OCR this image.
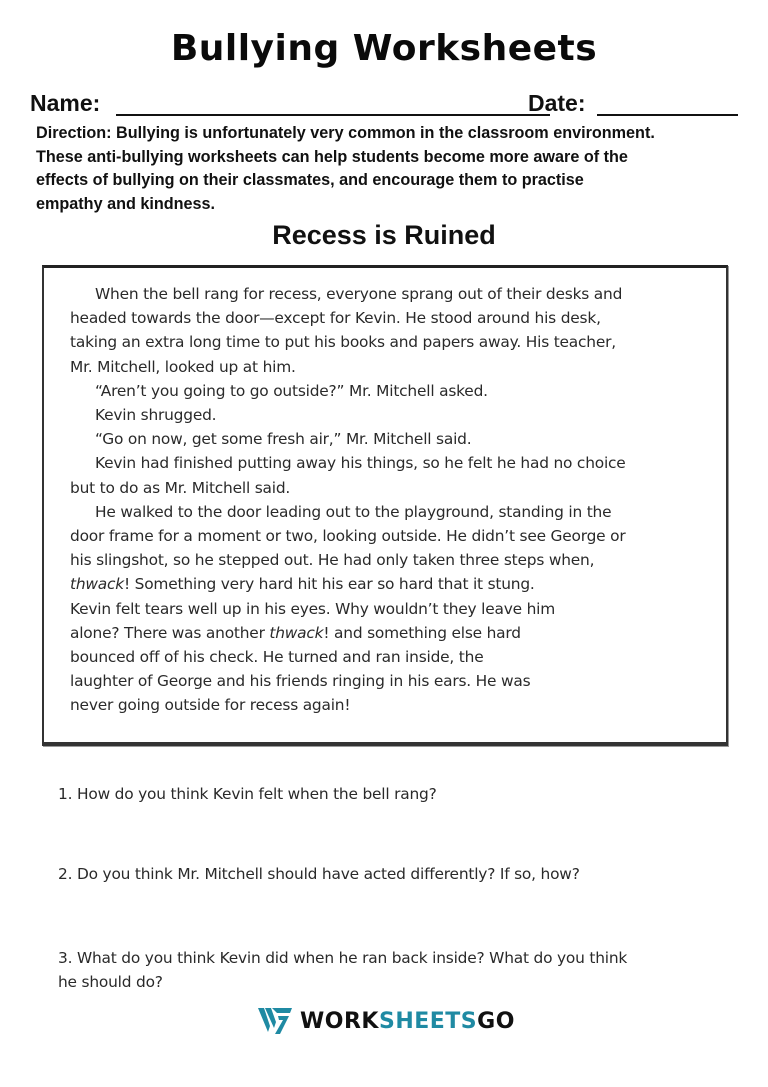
Bullying Worksheets
Name:	Date:
Direction: Bullying is unfortunately very common in the classroom environment.
These anti-bullying worksheets can help students become more aware of the
effects of bullying on their classmates, and encourage them to practise
empathy and kindness.
Recess is Ruined
When the bell rang for recess, everyone sprang out of their desks and
headed towards the door—except for Kevin. He stood around his desk,
taking an extra long time to put his books and papers away. His teacher,
Mr. Mitchell, looked up at him.
“Aren’t you going to go outside?” Mr. Mitchell asked.
Kevin shrugged.
“Go on now, get some fresh air,” Mr. Mitchell said.
Kevin had finished putting away his things, so he felt he had no choice
but to do as Mr. Mitchell said.
He walked to the door leading out to the playground, standing in the
door frame for a moment or two, looking outside. He didn’t see George or
his slingshot, so he stepped out. He had only taken three steps when,
thwack! Something very hard hit his ear so hard that it stung.
Kevin felt tears well up in his eyes. Why wouldn’t they leave him
alone? There was another thwack! and something else hard
bounced off of his check. He turned and ran inside, the
laughter of George and his friends ringing in his ears. He was
never going outside for recess again!
1. How do you think Kevin felt when the bell rang?
2. Do you think Mr. Mitchell should have acted differently? If so, how?
3. What do you think Kevin did when he ran back inside? What do you think
he should do?
WORKSHEETSGO
